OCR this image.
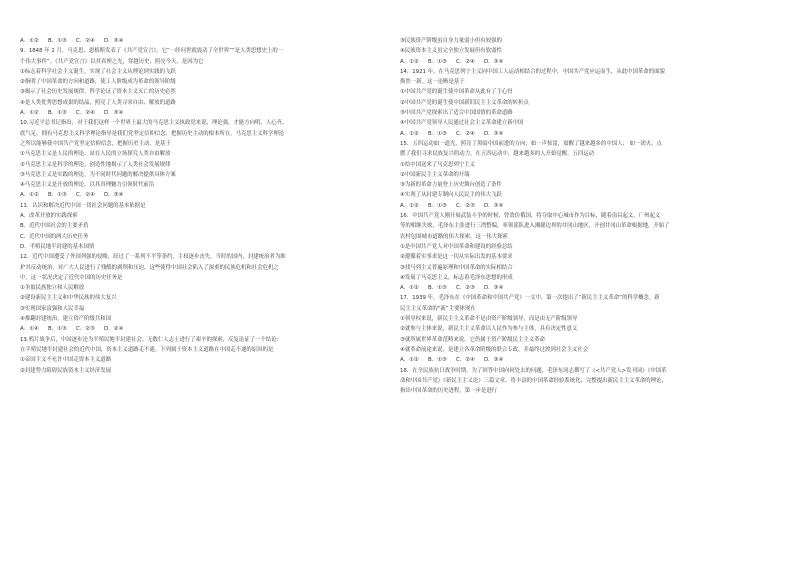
A．①② B．①③ C．②④ D．③④
9．1848 年 2 月，马克思、恩格斯发表了《共产党宣言》，它“一经问世就震动了全世界”“是人类思想史上的一
个伟大事件”。《共产党宣言》以其真理之光，穿越历史，照亮今天，是因为它
①标志着科学社会主义诞生，实现了社会主义从理论到实践的飞跃
②指明了中国革命的方向和道路，使工人阶级成为革命的领导阶级
③揭示了社会历史发展规律，科学论证了资本主义灭亡的历史必然
④是人类优秀思想成果的结晶，照亮了人类寻求自由、解放的道路
A．①② B．①③ C．②④ D．③④
10.习近平总书记指出，对于我们这样一个世界上最大的马克思主义执政党来说，理论强，才能方向明、人心齐、
底气足。拥有马克思主义科学理论指导是我们党坚定信仰信念、把握历史主动的根本所在。马克思主义科学理论
之所以能够使中国共产党坚定信仰信念，把握历史主动，是基于
①马克思主义是人民的理论，站在人民的立场探究人类自由解放
②马克思主义是科学的理论，创造性地揭示了人类社会发展规律
③马克思主义是实践的理论，为不同时代问题的解决提供具体方案
④马克思主义是开放的理论，以其真理魅力引领时代前沿
A．①② B．①③ C．②④ D．③④
11．认识和解决近代中国一切社会问题的基本依据是
A．改革开放的实践探索
B．近代中国社会的主要矛盾
C．近代中国的两大历史任务
D．半殖民地半封建的基本国情
12．近代中国遭受了外国列强的侵略，经过了一系列不平等条约，主权逐步丧失。当时的国内，封建统治者为维
护其反动统治，对广大人民进行了残酷的剥削和压迫，这些使得中国社会陷入了深重的民族危机和社会危机之
中。这一状况决定了近代中国的历史任务是
①争取民族独立和人民解放
②建设新民主主义和中华民族的伟大复兴
③实现国家富强和人民幸福
④推翻封建统治，建立资产阶级共和国
A．①④ B．①③ C．②③ D．②④
13.鸦片战争后，中国逐步沦为半殖民地半封建社会。无数仁人志士进行了艰辛的探索，反复论证了一个结论：
在半殖民地半封建社会的近代中国，资本主义道路走不通。下列属于资本主义道路在中国走不通的原因的是
①帝国主义不允许中国走资本主义道路
②封建势力阻碍民族资本主义经济发展
③民族资产阶级虽自身力量弱小但有较强的
④民族资本主义虽完全独立发展但有软弱性
A．①② B．①③ C．②④ D．③④
14．1921 年，在马克思列宁主义同中国工人运动相结合的过程中，中国共产党应运而生，从此中国革命的面貌
焕然一新。这一论断是基于
①中国共产党的诞生使中国革命从此有了主心骨
②中国共产党的诞生使中国新旧民主主义革命的转折点
③中国共产党探索出了适合中国国情的革命道路
④中国共产党领导人民通过社会主义革命建立新中国
A．①② B．①③ C．②④ D．③④
15．五四运动如一道光，照亮了黑暗中国前进的方向；如一声惊雷，震醒了越来越多的中国人； 如一团火，点
燃了我们寻求民族复兴的动力。在五四运动中，越来越多的人开始觉醒。五四运动
①给中国送来了马克思列宁主义
②中国新民主主义革命的开端
③为新的革命力量登上历史舞台创造了条件
④实现了从封建专制向人民民主的伟大飞跃
A．①② B．①③ C．②③ D．③④
16．中国共产党人刚开展武装斗争的时候，曾效仿俄国，将夺取中心城市作为目标，随着南昌起义、广州起义
等的相继失败，毛泽东主张进行三湾整编，率领部队进入湘赣边界的井冈山地区，开创井冈山革命根据地，开始了
农村包围城市道路的伟大探索，这一伟大探索
①是中国共产党人对中国革命和建设的经验总结
②遵循着实事求是这一切从实际出发的基本要求
③找马列主义普遍原理和中国革命的实际相结合
④发展了马克思主义，标志着毛泽东思想的形成
A．①② B．①③ C．②③ D．③④
17．1939 年，毛泽东在《中国革命和中国共产党》一文中，第一次提出了“新民主主义革命”的科学概念。新
民主主义革命的“新”主要体现在
①领导权来说，新民主主义革命不是由资产阶级领导，而是由无产阶级领导
②就参与主体来说，新民主主义革命以人民作为参与主体，具有决定性意义
③就所属世界革命范畴来说，它仍属于资产阶级民主主义革命
④就革命前途来说，是建立各革命阶级的联合专政，并最终过渡到社会主义社会
A．①② B．①③ C．②④ D．③④
18．在全民族抗日战争时期，为了回答中国向何处去的问题，毛泽东同志撰写了《<共产党人>发刊词》《中国革
命和中国共产党》《新民主主义论》三篇文章，将丰富的中国革命经验系统化，完整提出新民主主义革命的理论，
指出中国革命的历史进程，第一步是进行
